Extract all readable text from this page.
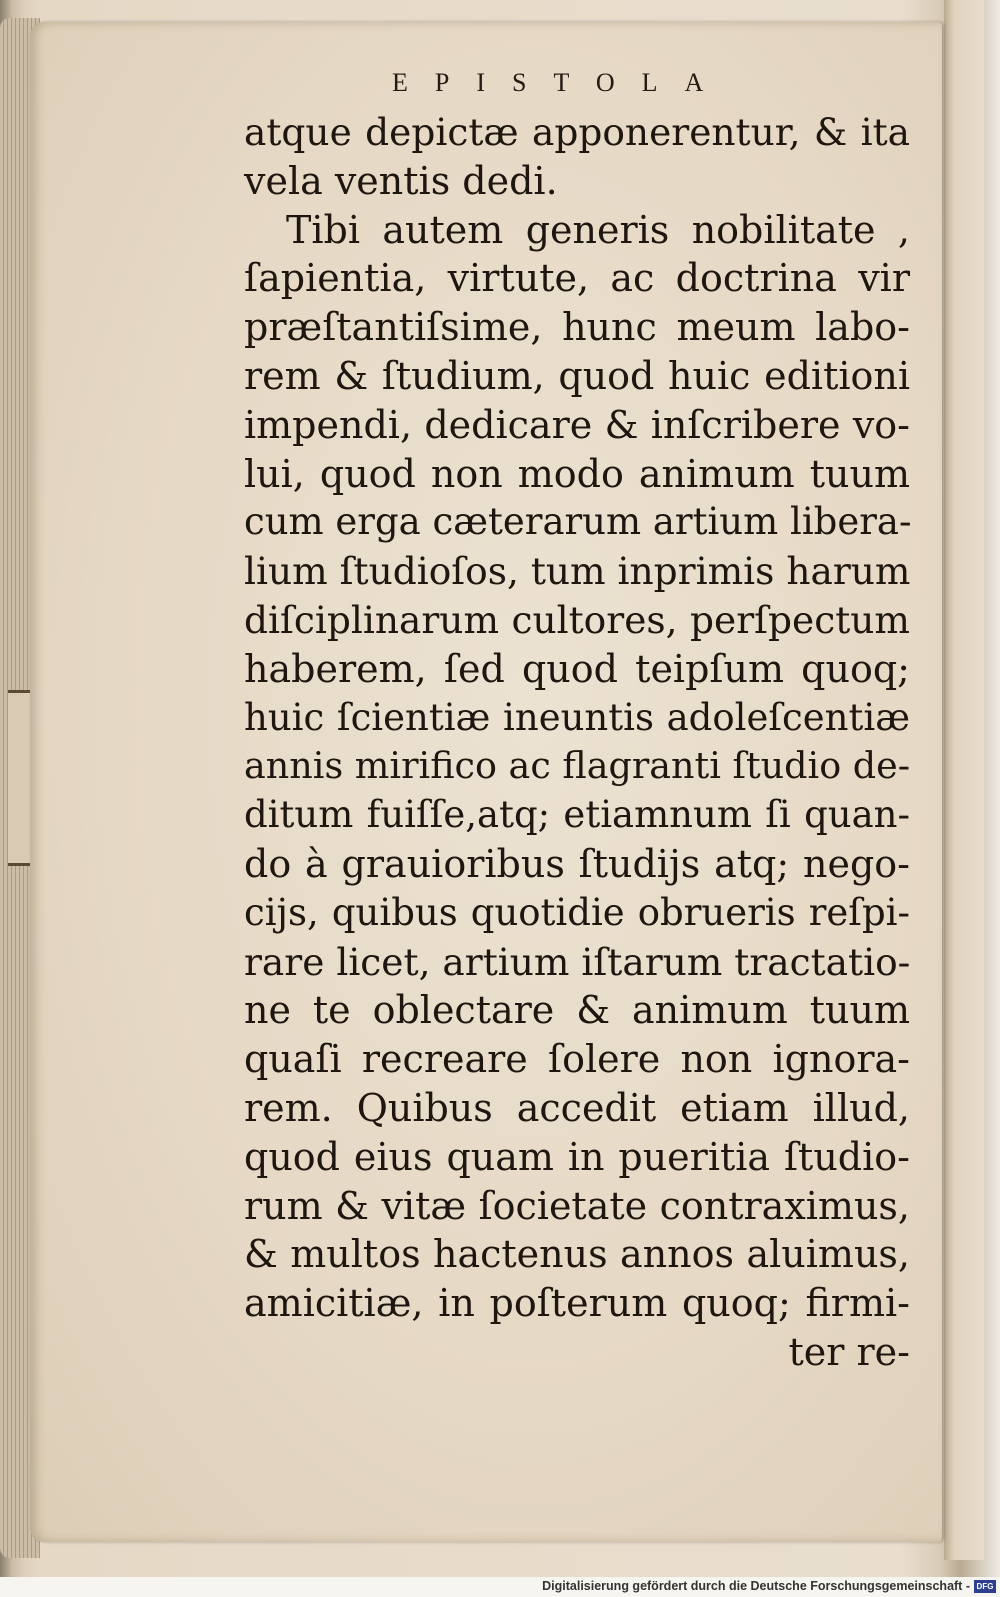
EPISTOLA
atque depictæ apponerentur, & ita
vela ventis dedi.
Tibi autem generis nobilitate ,
ſapientia, virtute, ac doctrina vir
præſtantiſsime, hunc meum labo-
rem & ſtudium, quod huic editioni
impendi, dedicare & inſcribere vo-
lui, quod non modo animum tuum
cum erga cæterarum artium libera-
lium ſtudioſos, tum inprimis harum
diſciplinarum cultores, perſpectum
haberem, ſed quod teipſum quoq;
huic ſcientiæ ineuntis adoleſcentiæ
annis mirifico ac flagranti ſtudio de-
ditum fuiſſe,atq; etiamnum ſi quan-
do à grauioribus ſtudijs atq; nego-
cijs, quibus quotidie obrueris reſpi-
rare licet, artium iſtarum tractatio-
ne te oblectare & animum tuum
quaſi recreare ſolere non ignora-
rem. Quibus accedit etiam illud,
quod eius quam in pueritia ſtudio-
rum & vitæ ſocietate contraximus,
& multos hactenus annos aluimus,
amicitiæ, in poſterum quoq; firmi-
ter re-
Digitalisierung gefördert durch die Deutsche Forschungsgemeinschaft - DFG
